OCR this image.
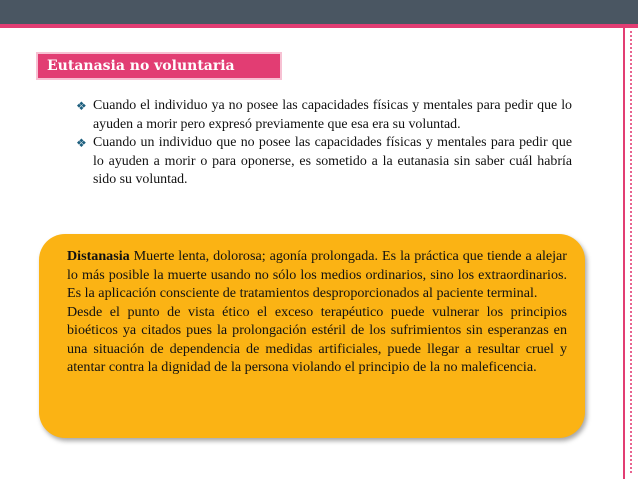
Eutanasia no voluntaria
❖ Cuando el individuo ya no posee las capacidades físicas y mentales para pedir que lo ayuden a morir pero expresó previamente que esa era su voluntad.
❖ Cuando un individuo que no posee las capacidades físicas y mentales para pedir que lo ayuden a morir o para oponerse, es sometido a la eutanasia sin saber cuál habría sido su voluntad.

Distanasia Muerte lenta, dolorosa; agonía prolongada. Es la práctica que tiende a alejar lo más posible la muerte usando no sólo los medios ordinarios, sino los extraordinarios. Es la aplicación consciente de tratamientos desproporcionados al paciente terminal.

Desde el punto de vista ético el exceso terapéutico puede vulnerar los principios bioéticos ya citados pues la prolongación estéril de los sufrimientos sin esperanzas en una situación de dependencia de medidas artificiales, puede llegar a resultar cruel y atentar contra la dignidad de la persona violando el principio de la no maleficencia.
